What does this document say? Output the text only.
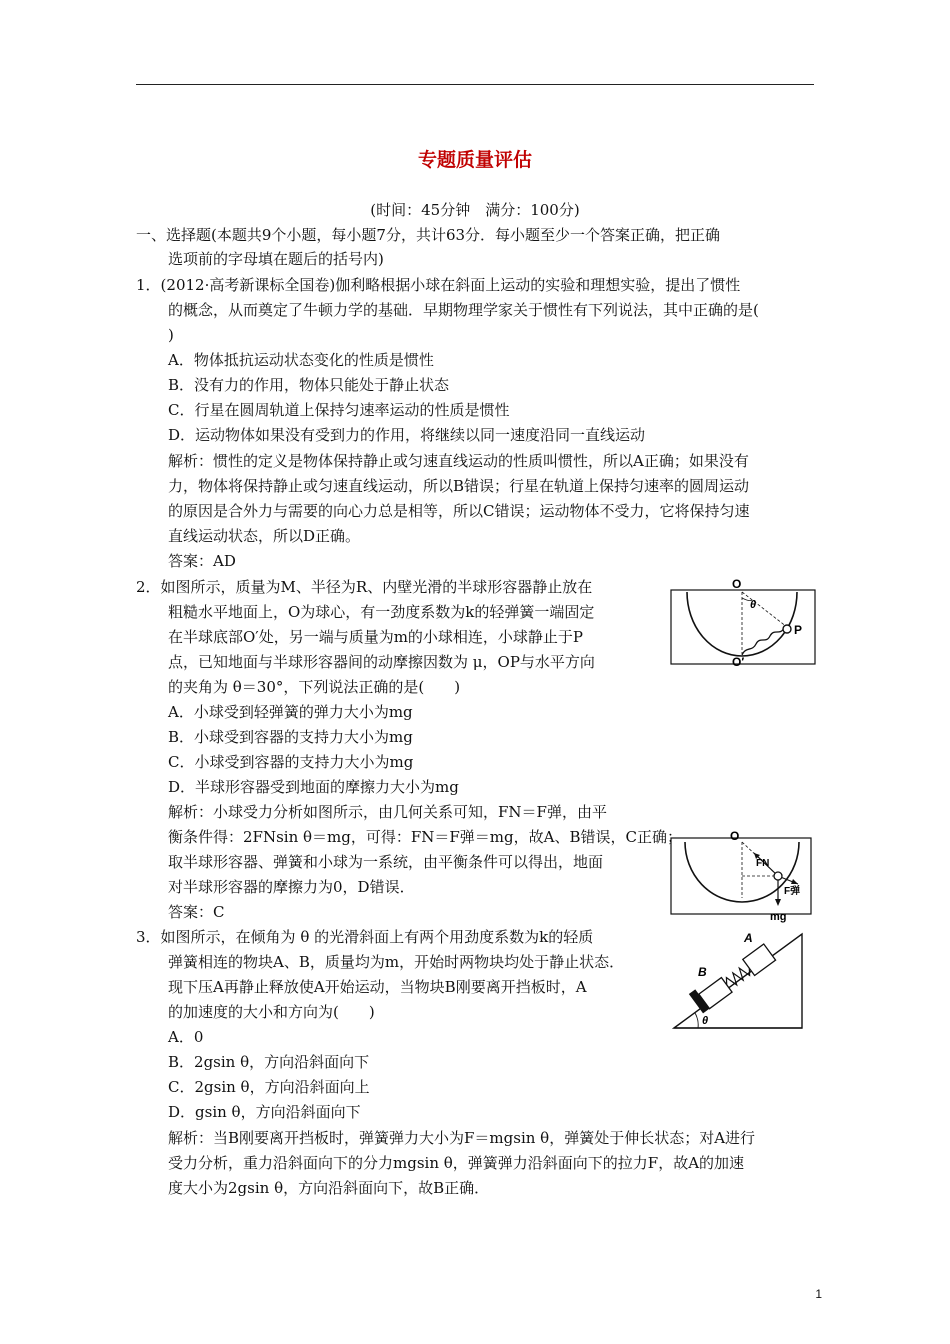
专题质量评估
(时间：45分钟　满分：100分)
一、选择题(本题共9个小题，每小题7分，共计63分．每小题至少一个答案正确，把正确
选项前的字母填在题后的括号内)
1．(2012·高考新课标全国卷)伽利略根据小球在斜面上运动的实验和理想实验，提出了惯性
的概念，从而奠定了牛顿力学的基础．早期物理学家关于惯性有下列说法，其中正确的是(
)
A．物体抵抗运动状态变化的性质是惯性
B．没有力的作用，物体只能处于静止状态
C．行星在圆周轨道上保持匀速率运动的性质是惯性
D．运动物体如果没有受到力的作用，将继续以同一速度沿同一直线运动
解析：惯性的定义是物体保持静止或匀速直线运动的性质叫惯性，所以A正确；如果没有
力，物体将保持静止或匀速直线运动，所以B错误；行星在轨道上保持匀速率的圆周运动
的原因是合外力与需要的向心力总是相等，所以C错误；运动物体不受力，它将保持匀速
直线运动状态，所以D正确。
答案：AD
2．如图所示，质量为M、半径为R、内壁光滑的半球形容器静止放在
粗糙水平地面上，O为球心，有一劲度系数为k的轻弹簧一端固定
在半球底部O′处，另一端与质量为m的小球相连，小球静止于P
点，已知地面与半球形容器间的动摩擦因数为 μ，OP与水平方向
的夹角为 θ＝30°，下列说法正确的是(　　)
A．小球受到轻弹簧的弹力大小为mg
B．小球受到容器的支持力大小为mg
C．小球受到容器的支持力大小为mg
D．半球形容器受到地面的摩擦力大小为mg
解析：小球受力分析如图所示，由几何关系可知，FN＝F弹，由平
衡条件得：2FNsin θ＝mg，可得：FN＝F弹＝mg，故A、B错误，C正确；
取半球形容器、弹簧和小球为一系统，由平衡条件可以得出，地面
对半球形容器的摩擦力为0，D错误．
答案：C
O
θ
P
O′
O
FN
F弹
mg
3．如图所示，在倾角为 θ 的光滑斜面上有两个用劲度系数为k的轻质
弹簧相连的物块A、B，质量均为m，开始时两物块均处于静止状态．
现下压A再静止释放使A开始运动，当物块B刚要离开挡板时，A
的加速度的大小和方向为(　　)
A．0
B．2gsin θ，方向沿斜面向下
C．2gsin θ，方向沿斜面向上
D．gsin θ，方向沿斜面向下
解析：当B刚要离开挡板时，弹簧弹力大小为F＝mgsin θ，弹簧处于伸长状态；对A进行
受力分析，重力沿斜面向下的分力mgsin θ，弹簧弹力沿斜面向下的拉力F，故A的加速
度大小为2gsin θ，方向沿斜面向下，故B正确．
B
A
θ
1
